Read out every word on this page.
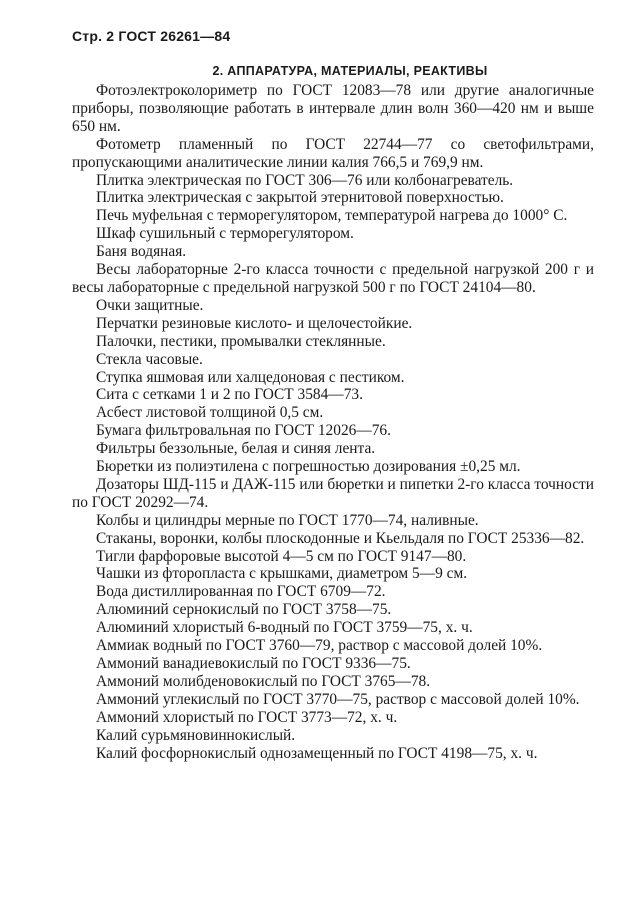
Стр. 2 ГОСТ 26261—84
2. АППАРАТУРА, МАТЕРИАЛЫ, РЕАКТИВЫ

Фотоэлектроколориметр по ГОСТ 12083—78 или другие аналогичные приборы, позволяющие работать в интервале длин волн 360—420 нм и выше 650 нм.

Фотометр пламенный по ГОСТ 22744—77 со светофильтрами, пропускающими аналитические линии калия 766,5 и 769,9 нм.

Плитка электрическая по ГОСТ 306—76 или колбонагреватель.

Плитка электрическая с закрытой этернитовой поверхностью.

Печь муфельная с терморегулятором, температурой нагрева до 1000° С.

Шкаф сушильный с терморегулятором.

Баня водяная.

Весы лабораторные 2-го класса точности с предельной нагрузкой 200 г и весы лабораторные с предельной нагрузкой 500 г по ГОСТ 24104—80.

Очки защитные.

Перчатки резиновые кислото- и щелочестойкие.

Палочки, пестики, промывалки стеклянные.

Стекла часовые.

Ступка яшмовая или халцедоновая с пестиком.

Сита с сетками 1 и 2 по ГОСТ 3584—73.

Асбест листовой толщиной 0,5 см.

Бумага фильтровальная по ГОСТ 12026—76.

Фильтры беззольные, белая и синяя лента.

Бюретки из полиэтилена с погрешностью дозирования ±0,25 мл.

Дозаторы ШД-115 и ДАЖ-115 или бюретки и пипетки 2-го класса точности по ГОСТ 20292—74.

Колбы и цилиндры мерные по ГОСТ 1770—74, наливные.

Стаканы, воронки, колбы плоскодонные и Кьельдаля по ГОСТ 25336—82.

Тигли фарфоровые высотой 4—5 см по ГОСТ 9147—80.

Чашки из фторопласта с крышками, диаметром 5—9 см.

Вода дистиллированная по ГОСТ 6709—72.

Алюминий сернокислый по ГОСТ 3758—75.

Алюминий хлористый 6-водный по ГОСТ 3759—75, х. ч.

Аммиак водный по ГОСТ 3760—79, раствор с массовой долей 10%.

Аммоний ванадиевокислый по ГОСТ 9336—75.

Аммоний молибденовокислый по ГОСТ 3765—78.

Аммоний углекислый по ГОСТ 3770—75, раствор с массовой долей 10%.

Аммоний хлористый по ГОСТ 3773—72, х. ч.

Калий сурьмяновиннокислый.

Калий фосфорнокислый однозамещенный по ГОСТ 4198—75, х. ч.
